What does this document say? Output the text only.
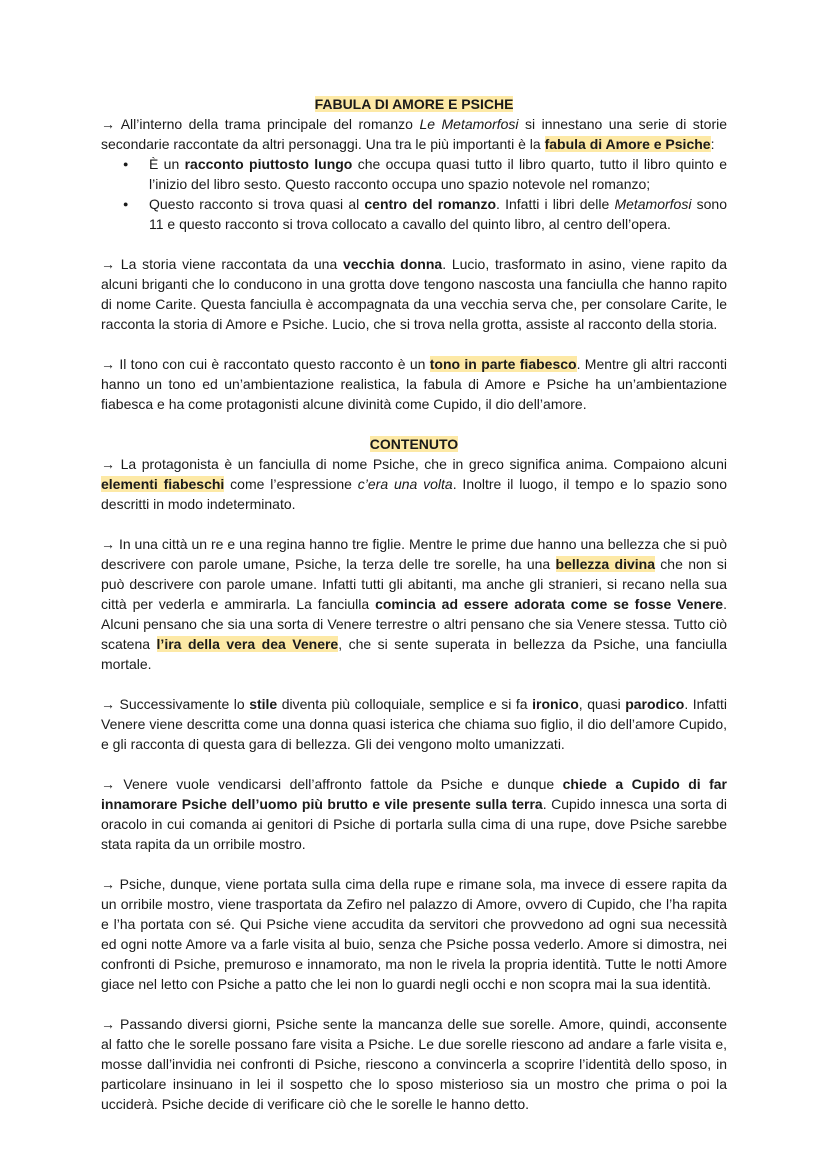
FABULA DI AMORE E PSICHE

→ All’interno della trama principale del romanzo Le Metamorfosi si innestano una serie di storie secondarie raccontate da altri personaggi. Una tra le più importanti è la fabula di Amore e Psiche:

● È un racconto piuttosto lungo che occupa quasi tutto il libro quarto, tutto il libro quinto e l’inizio del libro sesto. Questo racconto occupa uno spazio notevole nel romanzo;
● Questo racconto si trova quasi al centro del romanzo. Infatti i libri delle Metamorfosi sono 11 e questo racconto si trova collocato a cavallo del quinto libro, al centro dell’opera.

→ La storia viene raccontata da una vecchia donna. Lucio, trasformato in asino, viene rapito da alcuni briganti che lo conducono in una grotta dove tengono nascosta una fanciulla che hanno rapito di nome Carite. Questa fanciulla è accompagnata da una vecchia serva che, per consolare Carite, le racconta la storia di Amore e Psiche. Lucio, che si trova nella grotta, assiste al racconto della storia.

→ Il tono con cui è raccontato questo racconto è un tono in parte fiabesco. Mentre gli altri racconti hanno un tono ed un’ambientazione realistica, la fabula di Amore e Psiche ha un’ambientazione fiabesca e ha come protagonisti alcune divinità come Cupido, il dio dell’amore.

CONTENUTO

→ La protagonista è un fanciulla di nome Psiche, che in greco significa anima. Compaiono alcuni elementi fiabeschi come l’espressione c’era una volta. Inoltre il luogo, il tempo e lo spazio sono descritti in modo indeterminato.

→ In una città un re e una regina hanno tre figlie. Mentre le prime due hanno una bellezza che si può descrivere con parole umane, Psiche, la terza delle tre sorelle, ha una bellezza divina che non si può descrivere con parole umane. Infatti tutti gli abitanti, ma anche gli stranieri, si recano nella sua città per vederla e ammirarla. La fanciulla comincia ad essere adorata come se fosse Venere. Alcuni pensano che sia una sorta di Venere terrestre o altri pensano che sia Venere stessa. Tutto ciò scatena l’ira della vera dea Venere, che si sente superata in bellezza da Psiche, una fanciulla mortale.

→ Successivamente lo stile diventa più colloquiale, semplice e si fa ironico, quasi parodico. Infatti Venere viene descritta come una donna quasi isterica che chiama suo figlio, il dio dell’amore Cupido, e gli racconta di questa gara di bellezza. Gli dei vengono molto umanizzati.

→ Venere vuole vendicarsi dell’affronto fattole da Psiche e dunque chiede a Cupido di far innamorare Psiche dell’uomo più brutto e vile presente sulla terra. Cupido innesca una sorta di oracolo in cui comanda ai genitori di Psiche di portarla sulla cima di una rupe, dove Psiche sarebbe stata rapita da un orribile mostro.

→ Psiche, dunque, viene portata sulla cima della rupe e rimane sola, ma invece di essere rapita da un orribile mostro, viene trasportata da Zefiro nel palazzo di Amore, ovvero di Cupido, che l’ha rapita e l’ha portata con sé. Qui Psiche viene accudita da servitori che provvedono ad ogni sua necessità ed ogni notte Amore va a farle visita al buio, senza che Psiche possa vederlo. Amore si dimostra, nei confronti di Psiche, premuroso e innamorato, ma non le rivela la propria identità. Tutte le notti Amore giace nel letto con Psiche a patto che lei non lo guardi negli occhi e non scopra mai la sua identità.

→ Passando diversi giorni, Psiche sente la mancanza delle sue sorelle. Amore, quindi, acconsente al fatto che le sorelle possano fare visita a Psiche. Le due sorelle riescono ad andare a farle visita e, mosse dall’invidia nei confronti di Psiche, riescono a convincerla a scoprire l’identità dello sposo, in particolare insinuano in lei il sospetto che lo sposo misterioso sia un mostro che prima o poi la ucciderà. Psiche decide di verificare ciò che le sorelle le hanno detto.
